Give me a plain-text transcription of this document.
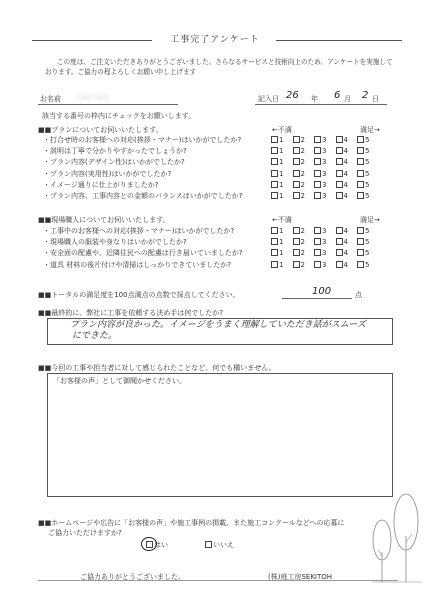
工事完了アンケート
この度は、ご注文いただきありがとうございました。さらなるサービスと技術向上のため、アンケートを実施して
おります。ご協力の程よろしくお願い申し上げます
お名前 ○○ ○○	記入日 26 年 6 月 2 日
該当する番号の枠内にチェックをお願いします。
■■プランについてお伺いいたします。	←不満	満足→
・打合せ時のお客様への対応(挨拶・マナー)はいかがでしたか?	1	2	3	4	5
・説明は丁寧で分かりやすかったでしょうか?	1	2	3	4	5
・プラン内容(デザイン性)はいかがでしたか?	1	2	3	4	5
・プラン内容(実用性)はいかがでしたか?	1	2	3	4	5
・イメージ通りに仕上がりましたか?	1	2	3	4	5
・プラン内容、工事内容との金額のバランスはいかがでしたか?	1	2	3	4	5
■■現場職人についてお伺いいたします。	←不満	満足→
・工事中のお客様への対応(挨拶・マナー)はいかがでしたか?	1	2	3	4	5
・現場職人の服装や身なりはいかがでしたか?	1	2	3	4	5
・安全面の配慮や、近隣住民への配慮は行き届いていましたか?	1	2	3	4	5
・道具 材料の後片付けや清掃はしっかりできていましたか?	1	2	3	4	5
■■トータルの満足度を100点満点の点数で採点してください。	100	点
■■最終的に、弊社に工事を依頼する決め手は何でしたか?
プラン内容が良かった。イメージをうまく理解していただき話がスムーズ
にできた。
■■今回の工事や担当者に対して感じられたことなど、何でも構いません。
「お客様の声」として御聞かせください。
■■ホームページや広告に「お客様の声」や施工事例の掲載、また施工コンクールなどへの応募に
ご協力いただけますか?
はい	いいえ
ご協力ありがとうございました。	(株)庭工房SEKITOH
